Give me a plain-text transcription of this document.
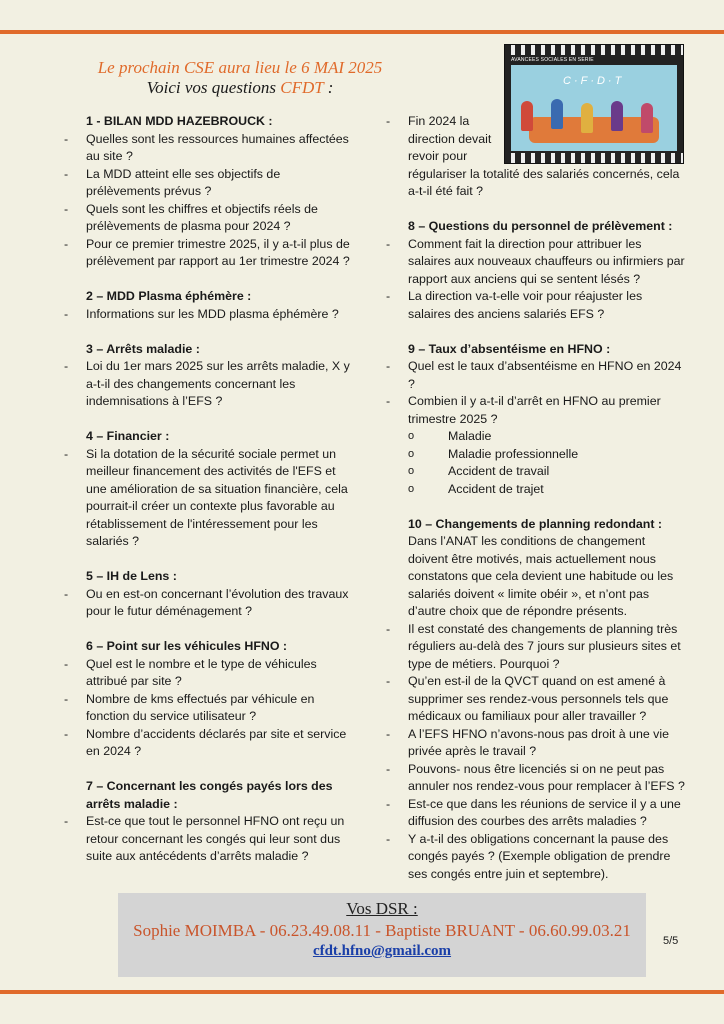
Le prochain CSE aura lieu le 6 MAI 2025
Voici vos questions CFDT :
AVANCÉES SOCIALES EN SÉRIE
C·F·D·T
1 - BILAN MDD HAZEBROUCK :
- Quelles sont les ressources humaines affectées au site ?
- La MDD atteint elle ses objectifs de prélèvements prévus ?
- Quels sont les chiffres et objectifs réels de prélèvements de plasma pour 2024 ?
- Pour ce premier trimestre 2025, il y a-t-il plus de prélèvement par rapport au 1er trimestre 2024 ?
2 – MDD Plasma éphémère :
- Informations sur les MDD plasma éphémère ?
3 – Arrêts maladie :
- Loi du 1er mars 2025 sur les arrêts maladie, X y a-t-il des changements concernant les indemnisations à l’EFS ?
4 – Financier :
- Si la dotation de la sécurité sociale permet un meilleur financement des activités de l'EFS et une amélioration de sa situation financière, cela pourrait-il créer un contexte plus favorable au rétablissement de l'intéressement pour les salariés ?
5 – IH de Lens :
- Ou en est-on concernant l’évolution des travaux pour le futur déménagement ?
6 – Point sur les véhicules HFNO :
- Quel est le nombre et le type de véhicules attribué par site ?
- Nombre de kms effectués par véhicule en fonction du service utilisateur ?
- Nombre d’accidents déclarés par site et service en 2024 ?
7 – Concernant les congés payés lors des arrêts maladie :
- Est-ce que tout le personnel HFNO ont reçu un retour concernant les congés qui leur sont dus suite aux antécédents d’arrêts maladie ?
- Fin 2024 la direction devait revoir pour
régulariser la totalité des salariés concernés, cela a-t-il été fait ?
8 – Questions du personnel de prélèvement :
- Comment fait la direction pour attribuer les salaires aux nouveaux chauffeurs ou infirmiers par rapport aux anciens qui se sentent lésés ?
- La direction va-t-elle voir pour réajuster les salaires des anciens salariés EFS ?
9 – Taux d’absentéisme en HFNO :
- Quel est le taux d’absentéisme en HFNO en 2024 ?
- Combien il y a-t-il d’arrêt en HFNO au premier trimestre 2025 ?
o Maladie
o Maladie professionnelle
o Accident de travail
o Accident de trajet
10 – Changements de planning redondant : Dans l’ANAT les conditions de changement doivent être motivés, mais actuellement nous constatons que cela devient une habitude ou les salariés doivent « limite obéir », et n’ont pas d’autre choix que de répondre présents.
- Il est constaté des changements de planning très réguliers au-delà des 7 jours sur plusieurs sites et type de métiers. Pourquoi ?
- Qu’en est-il de la QVCT quand on est amené à supprimer ses rendez-vous personnels tels que médicaux ou familiaux pour aller travailler ?
- A l’EFS HFNO n’avons-nous pas droit à une vie privée après le travail ?
- Pouvons- nous être licenciés si on ne peut pas annuler nos rendez-vous pour remplacer à l’EFS ?
- Est-ce que dans les réunions de service il y a une diffusion des courbes des arrêts maladies ?
- Y a-t-il des obligations concernant la pause des congés payés ? (Exemple obligation de prendre ses congés entre juin et septembre).
Vos DSR :
Sophie MOIMBA - 06.23.49.08.11 - Baptiste BRUANT - 06.60.99.03.21
cfdt.hfno@gmail.com
5/5
